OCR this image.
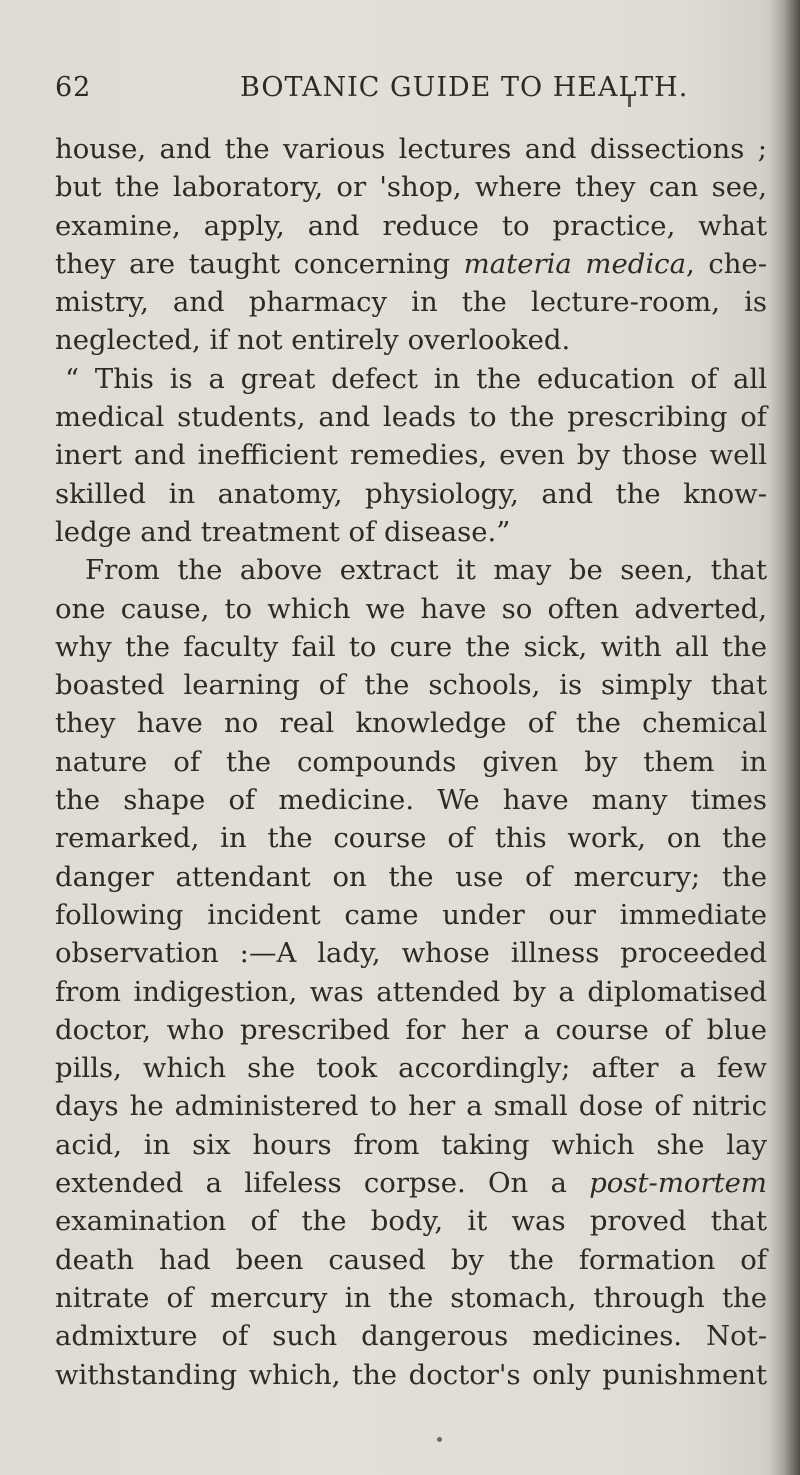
62	BOTANIC GUIDE TO HEALTH.
house, and the various lectures and dissections ;
but the laboratory, or 'shop, where they can see,
examine, apply, and reduce to practice, what
they are taught concerning materia medica, che-
mistry, and pharmacy in the lecture-room, is
neglected, if not entirely overlooked.
“ This is a great defect in the education of all
medical students, and leads to the prescribing of
inert and inefficient remedies, even by those well
skilled in anatomy, physiology, and the know-
ledge and treatment of disease.”
From the above extract it may be seen, that
one cause, to which we have so often adverted,
why the faculty fail to cure the sick, with all the
boasted learning of the schools, is simply that
they have no real knowledge of the chemical
nature of the compounds given by them in
the shape of medicine. We have many times
remarked, in the course of this work, on the
danger attendant on the use of mercury; the
following incident came under our immediate
observation :—A lady, whose illness proceeded
from indigestion, was attended by a diplomatised
doctor, who prescribed for her a course of blue
pills, which she took accordingly; after a few
days he administered to her a small dose of nitric
acid, in six hours from taking which she lay
extended a lifeless corpse. On a post-mortem
examination of the body, it was proved that
death had been caused by the formation of
nitrate of mercury in the stomach, through the
admixture of such dangerous medicines. Not-
withstanding which, the doctor's only punishment
